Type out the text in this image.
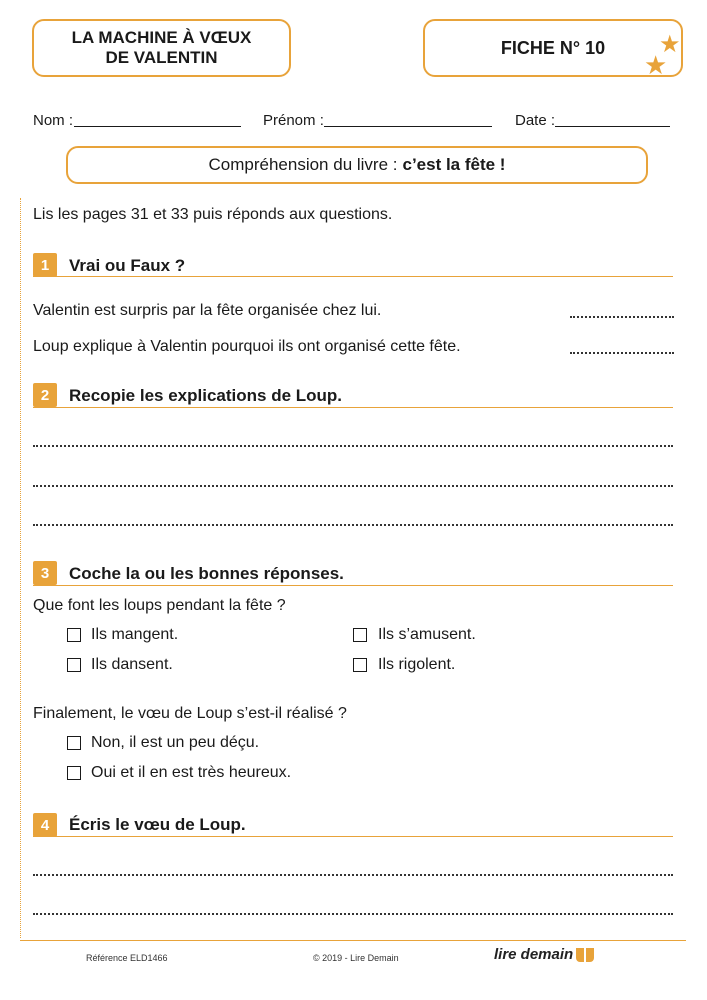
LA MACHINE À VŒUX
DE VALENTIN	FICHE N° 10 ★
★
Nom :	Prénom :	Date :
Compréhension du livre : c’est la fête !
Lis les pages 31 et 33 puis réponds aux questions.
1	Vrai ou Faux ?
Valentin est surpris par la fête organisée chez lui.
Loup explique à Valentin pourquoi ils ont organisé cette fête.
2	Recopie les explications de Loup.
3	Coche la ou les bonnes réponses.
Que font les loups pendant la fête ?
Ils mangent.	Ils s’amusent.
Ils dansent.	Ils rigolent.
Finalement, le vœu de Loup s’est-il réalisé ?
Non, il est un peu déçu.
Oui et il en est très heureux.
4	Écris le vœu de Loup.
Référence ELD1466	© 2019 - Lire Demain	lire demain
